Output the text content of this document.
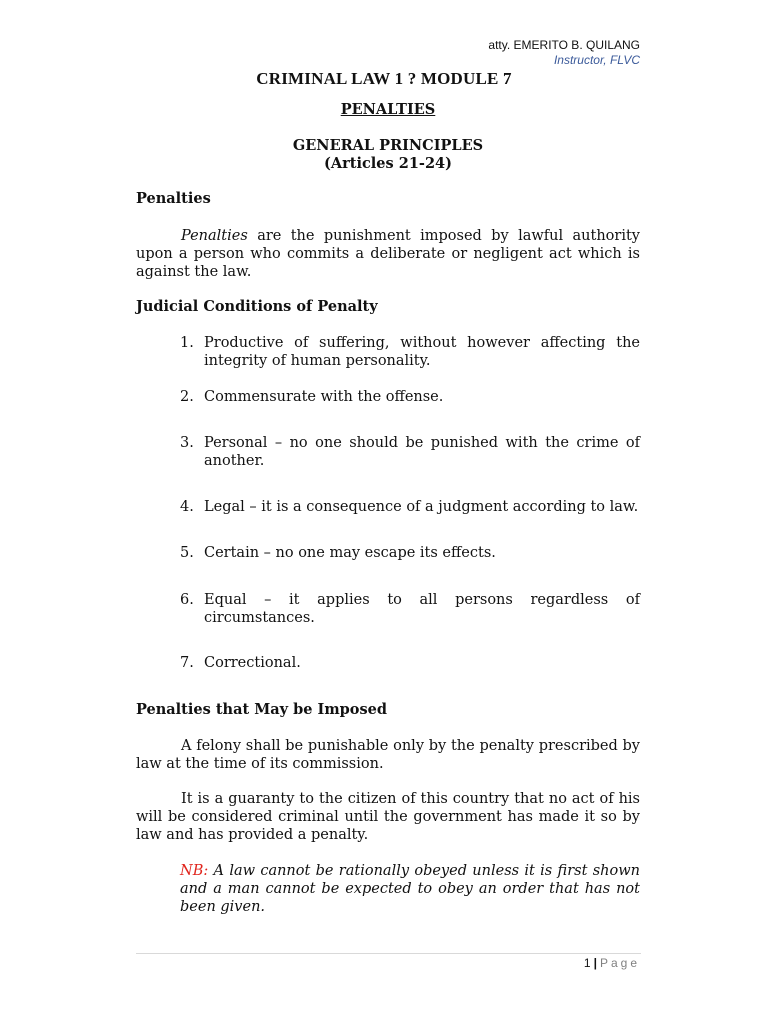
atty. EMERITO B. QUILANG
Instructor, FLVC
CRIMINAL LAW 1 ? MODULE 7
PENALTIES
GENERAL PRINCIPLES
(Articles 21-24)
Penalties
Penalties are the punishment imposed by lawful authority upon a person who commits a deliberate or negligent act which is against the law.
Judicial Conditions of Penalty
1. Productive of suffering, without however affecting the integrity of human personality.
2. Commensurate with the offense.
3. Personal – no one should be punished with the crime of another.
4. Legal – it is a consequence of a judgment according to law.
5. Certain – no one may escape its effects.
6. Equal – it applies to all persons regardless of circumstances.
7. Correctional.
Penalties that May be Imposed
A felony shall be punishable only by the penalty prescribed by law at the time of its commission.
It is a guaranty to the citizen of this country that no act of his will be considered criminal until the government has made it so by law and has provided a penalty.
NB: A law cannot be rationally obeyed unless it is first shown and a man cannot be expected to obey an order that has not been given.
1 | Page
